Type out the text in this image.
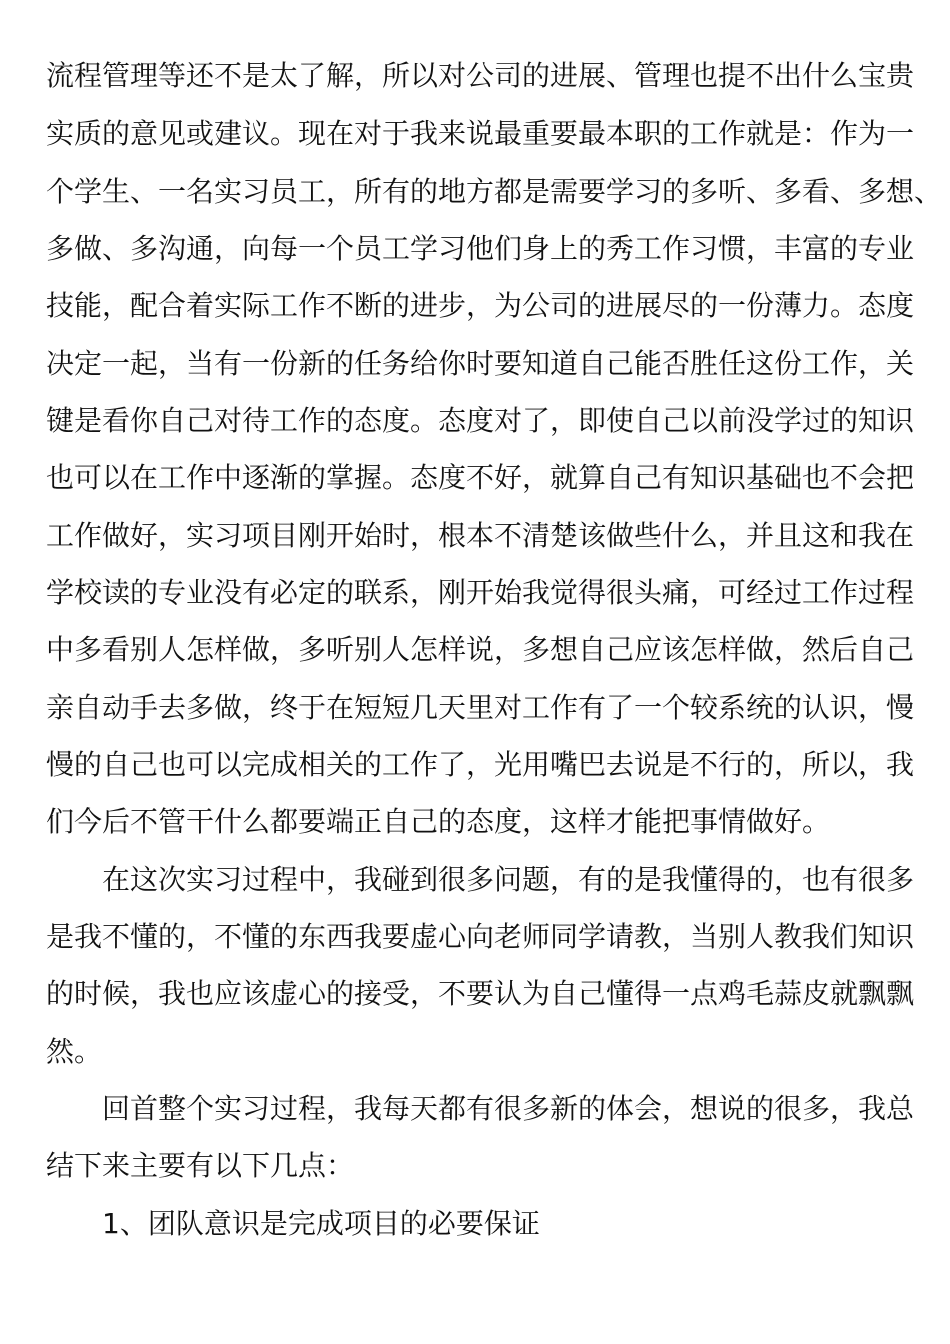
流程管理等还不是太了解，所以对公司的进展、管理也提不出什么宝贵
实质的意见或建议。现在对于我来说最重要最本职的工作就是：作为一
个学生、一名实习员工，所有的地方都是需要学习的多听、多看、多想、
多做、多沟通，向每一个员工学习他们身上的秀工作习惯，丰富的专业
技能，配合着实际工作不断的进步，为公司的进展尽的一份薄力。态度
决定一起，当有一份新的任务给你时要知道自己能否胜任这份工作，关
键是看你自己对待工作的态度。态度对了，即使自己以前没学过的知识
也可以在工作中逐渐的掌握。态度不好，就算自己有知识基础也不会把
工作做好，实习项目刚开始时，根本不清楚该做些什么，并且这和我在
学校读的专业没有必定的联系，刚开始我觉得很头痛，可经过工作过程
中多看别人怎样做，多听别人怎样说，多想自己应该怎样做，然后自己
亲自动手去多做，终于在短短几天里对工作有了一个较系统的认识，慢
慢的自己也可以完成相关的工作了，光用嘴巴去说是不行的，所以，我
们今后不管干什么都要端正自己的态度，这样才能把事情做好。
在这次实习过程中，我碰到很多问题，有的是我懂得的，也有很多
是我不懂的，不懂的东西我要虚心向老师同学请教，当别人教我们知识
的时候，我也应该虚心的接受，不要认为自己懂得一点鸡毛蒜皮就飘飘
然。
回首整个实习过程，我每天都有很多新的体会，想说的很多，我总
结下来主要有以下几点：
1、团队意识是完成项目的必要保证
